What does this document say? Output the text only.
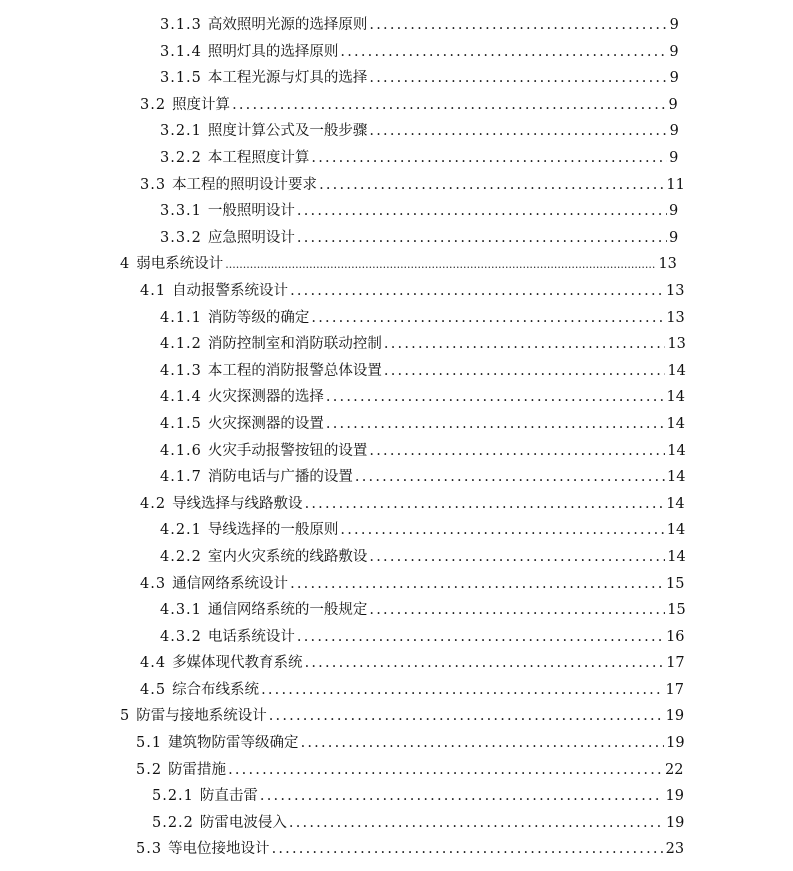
3.1.3 高效照明光源的选择原则 .....	9
3.1.4 照明灯具的选择原则 .....	9
3.1.5 本工程光源与灯具的选择 .....	9
3.2 照度计算 .....	9
3.2.1 照度计算公式及一般步骤 .....	9
3.2.2 本工程照度计算 .....	9
3.3 本工程的照明设计要求 .....	11
3.3.1 一般照明设计 .....	9
3.3.2 应急照明设计 .....	9
4 弱电系统设计 .....	13
4.1 自动报警系统设计 .....	13
4.1.1 消防等级的确定 .....	13
4.1.2 消防控制室和消防联动控制 .....	13
4.1.3 本工程的消防报警总体设置 .....	14
4.1.4 火灾探测器的选择 .....	14
4.1.5 火灾探测器的设置 .....	14
4.1.6 火灾手动报警按钮的设置 .....	14
4.1.7 消防电话与广播的设置 .....	14
4.2 导线选择与线路敷设 .....	14
4.2.1 导线选择的一般原则 .....	14
4.2.2 室内火灾系统的线路敷设 .....	14
4.3 通信网络系统设计 .....	15
4.3.1 通信网络系统的一般规定 .....	15
4.3.2 电话系统设计 .....	16
4.4 多媒体现代教育系统 .....	17
4.5 综合布线系统 .....	17
5 防雷与接地系统设计 .....	19
5.1 建筑物防雷等级确定 .....	19
5.2 防雷措施 .....	22
5.2.1 防直击雷 .....	19
5.2.2 防雷电波侵入 .....	19
5.3 等电位接地设计 .....	23
